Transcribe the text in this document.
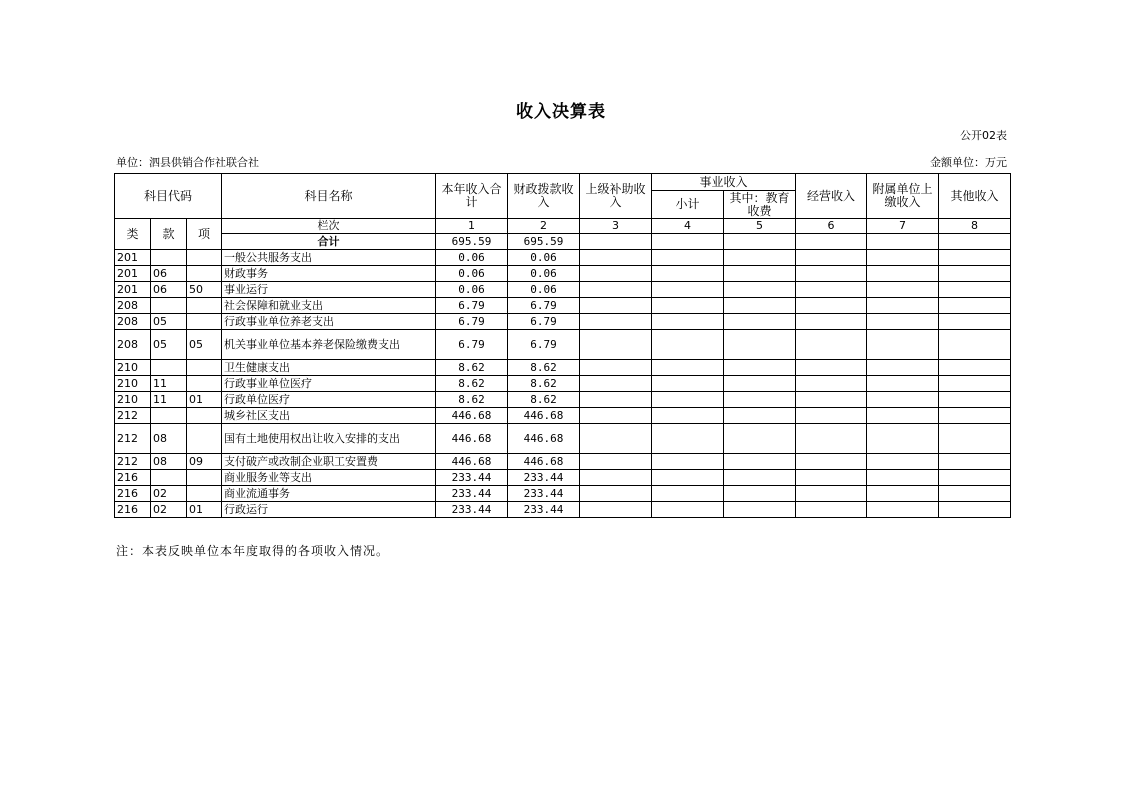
收入决算表
公开02表
单位：泗县供销合作社联合社	金额单位：万元
科目代码			科目名称	本年收入合计	财政拨款收入	上级补助收入	事业收入		经营收入	附属单位上缴收入	其他收入
							小计	其中：教育收费			
类	款	项	栏次	1	2	3	4	5	6	7	8
			合计	695.59	695.59						
201			一般公共服务支出	0.06	0.06						
201	06		财政事务	0.06	0.06						
201	06	50	事业运行	0.06	0.06						
208			社会保障和就业支出	6.79	6.79						
208	05		行政事业单位养老支出	6.79	6.79						
208	05	05	机关事业单位基本养老保险缴费支出	6.79	6.79						
210			卫生健康支出	8.62	8.62						
210	11		行政事业单位医疗	8.62	8.62						
210	11	01	行政单位医疗	8.62	8.62						
212			城乡社区支出	446.68	446.68						
212	08		国有土地使用权出让收入安排的支出	446.68	446.68						
212	08	09	支付破产或改制企业职工安置费	446.68	446.68						
216			商业服务业等支出	233.44	233.44						
216	02		商业流通事务	233.44	233.44						
216	02	01	行政运行	233.44	233.44						
注：本表反映单位本年度取得的各项收入情况。
